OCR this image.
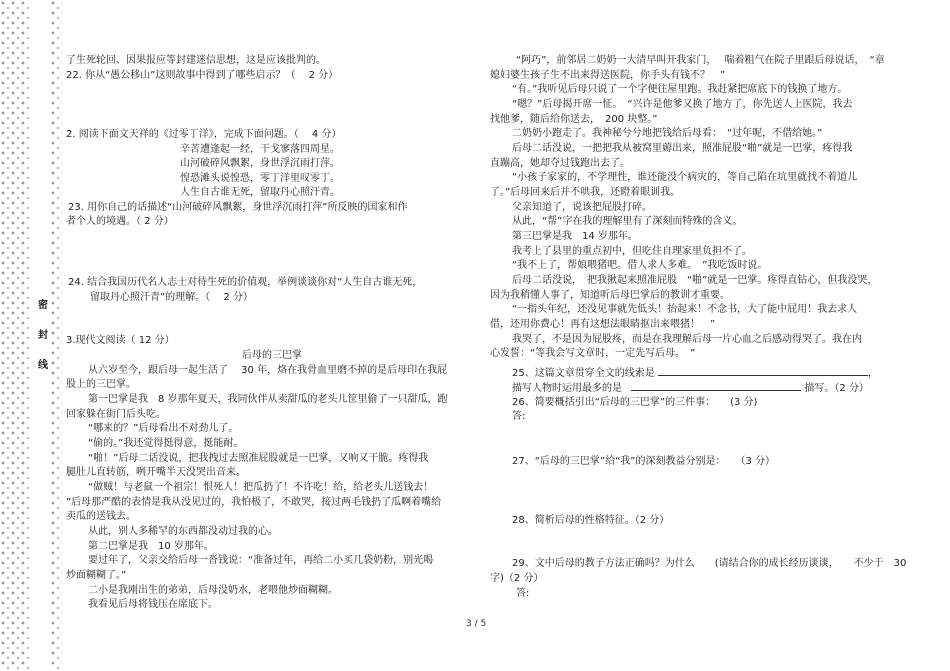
密
封
线

了生死轮回、因果报应等封建迷信思想，这是应该批判的。

22. 你从“愚公移山”这则故事中得到了哪些启示？（　 2 分）

2. 阅读下面文天祥的《过零丁洋》，完成下面问题。（　 4 分）

辛苦遭逢起一经，干戈寥落四周星。

山河破碎风飘絮，身世浮沉雨打萍。

惶恐滩头说惶恐，零丁洋里叹零丁。

人生自古谁无死，留取丹心照汗青。

23. 用你自己的话描述“山河破碎风飘絮，身世浮沉雨打萍”所反映的国家和作

者个人的境遇。（ 2 分）

24. 结合我国历代名人志士对待生死的价值观，举例谈谈你对“人生自古谁无死，

留取丹心照汗青”的理解。（　 2 分）

3.现代文阅读（ 12 分）

后母的三巴掌

从六岁至今，跟后母一起生活了　 30 年，烙在我骨血里磨不掉的是后母印在我屁

股上的三巴掌。

第一巴掌是我　8 岁那年夏天，我同伙伴从卖甜瓜的老头儿筐里偷了一只甜瓜，跑

回家躲在街门后头吃。

“哪来的？”后母看出不对劲儿了。

“偷的。”我还觉得挺得意，挺能耐。

“啪！”后母二话没说，把我拽过去照准屁股就是一巴掌，又响又干脆。疼得我

腿肚儿直转筋，咧开嘴半天没哭出音来。

“做贼！与老鼠一个祖宗！恨死人！把瓜扔了！不许吃！给，给老头儿送钱去！

”后母那严酷的表情是我从没见过的，我怕极了，不敢哭，接过两毛钱扔了瓜啊着嘴给

卖瓜的送钱去。

从此，别人多稀罕的东西都没动过我的心。

第二巴掌是我　10 岁那年。

要过年了，父亲交给后母一沓钱说：“准备过年，再给二小买几袋奶粉，别光喝

炒面糊糊了。”

二小是我刚出生的弟弟，后母没奶水，老喂他炒面糊糊。

我看见后母将钱压在席底下。

“阿巧”，前邻居二奶奶一大清早叫开我家门，　 喘着粗气在院子里跟后母说话，　“章

媳妇婆生孩子生不出来得送医院，你手头有钱不？　”

“有。”我听见后母只说了一个字便往屋里跑。我赶紧把席底下的钱换了地方。

“嗯？”后母揭开席一怔。　“兴许是他爹又换了地方了，你先送人上医院，我去

找他爹，随后给你送去，　200 块整。”

二奶奶小跑走了。我神秘兮兮地把钱给后母看：　“过年呢，不借给她。”

后母二话没说，一把把我从被窝里薅出来，照准屁股“啪”就是一巴掌，疼得我

直蹦高，她却夺过钱跑出去了。

“小孩子家家的，不学理性，谁还能没个病灾的，等自己陷在坑里就找不着道儿

了。”后母回来后并不哄我，还瞪着眼训我。

父亲知道了，说该把屁股打碎。

从此，“帮”字在我的理解里有了深刻而特殊的含义。

第三巴掌是我　14 岁那年。

我考上了县里的重点初中，但吃住自理家里负担不了。

“我不上了，帮娘喂猪吧。借人求人多难。　”我吃饭时说。

后母二话没说，　把我揪起来照准屁股　“啪”就是一巴掌。疼得直钻心，但我没哭，

因为我稍懂人事了，知道听后母巴掌后的教训才重要。

“一指头年纪，还没见事就先低头！抬起来！不念书，大了能中屁用！我去求人

借，还用你费心！再有这想法眼睛抠出来喂猪！　”

我哭了，不是因为屁股疼，而是在我理解后母一片心血之后感动得哭了。我在内

心发誓：“等我会写文章时，一定先写后母。　”

25、这篇文章贯穿全文的线索是	，

描写人物时运用最多的是	描写。（2 分）

26、简要概括引出“后母的三巴掌”的三件事：　　(3 分)

答:

27、“后母的三巴掌”给“我”的深刻教益分别是：　　（3 分）

28、简析后母的性格特征。（2 分）

29、文中后母的教子方法正确吗？为什么　　(请结合你的成长经历谈谈，　　不少于　30

字)（2 分）

答:

3 / 5
